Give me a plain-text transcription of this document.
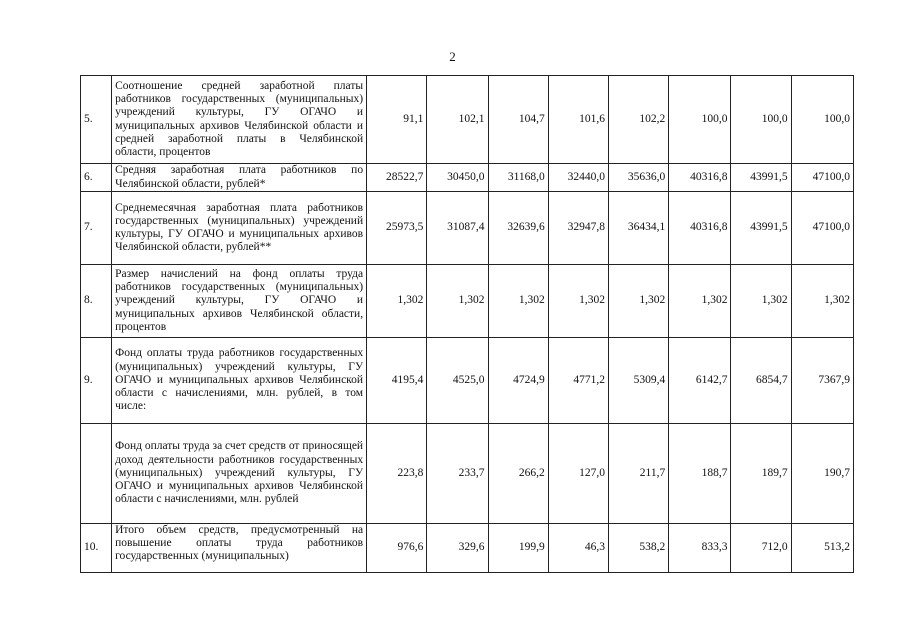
2
5.	Соотношение средней заработной платы работников государственных (муниципальных) учреждений культуры, ГУ ОГАЧО и муниципальных архивов Челябинской области и средней заработной платы в Челябинской области, процентов	91,1	102,1	104,7	101,6	102,2	100,0	100,0	100,0
6.	Средняя заработная плата работников по Челябинской области, рублей*	28522,7	30450,0	31168,0	32440,0	35636,0	40316,8	43991,5	47100,0
7.	Среднемесячная заработная плата работников государственных (муниципальных) учреждений культуры, ГУ ОГАЧО и муниципальных архивов Челябинской области, рублей**	25973,5	31087,4	32639,6	32947,8	36434,1	40316,8	43991,5	47100,0
8.	Размер начислений на фонд оплаты труда работников государственных (муниципальных) учреждений культуры, ГУ ОГАЧО и муниципальных архивов Челябинской области, процентов	1,302	1,302	1,302	1,302	1,302	1,302	1,302	1,302
9.	Фонд оплаты труда работников государственных (муниципальных) учреждений культуры, ГУ ОГАЧО и муниципальных архивов Челябинской области с начислениями, млн. рублей, в том числе:	4195,4	4525,0	4724,9	4771,2	5309,4	6142,7	6854,7	7367,9
	Фонд оплаты труда за счет средств от приносящей доход деятельности работников государственных (муниципальных) учреждений культуры, ГУ ОГАЧО и муниципальных архивов Челябинской области с начислениями, млн. рублей	223,8	233,7	266,2	127,0	211,7	188,7	189,7	190,7
10.	Итого объем средств, предусмотренный на повышение оплаты труда работников государственных (муниципальных)	976,6	329,6	199,9	46,3	538,2	833,3	712,0	513,2
